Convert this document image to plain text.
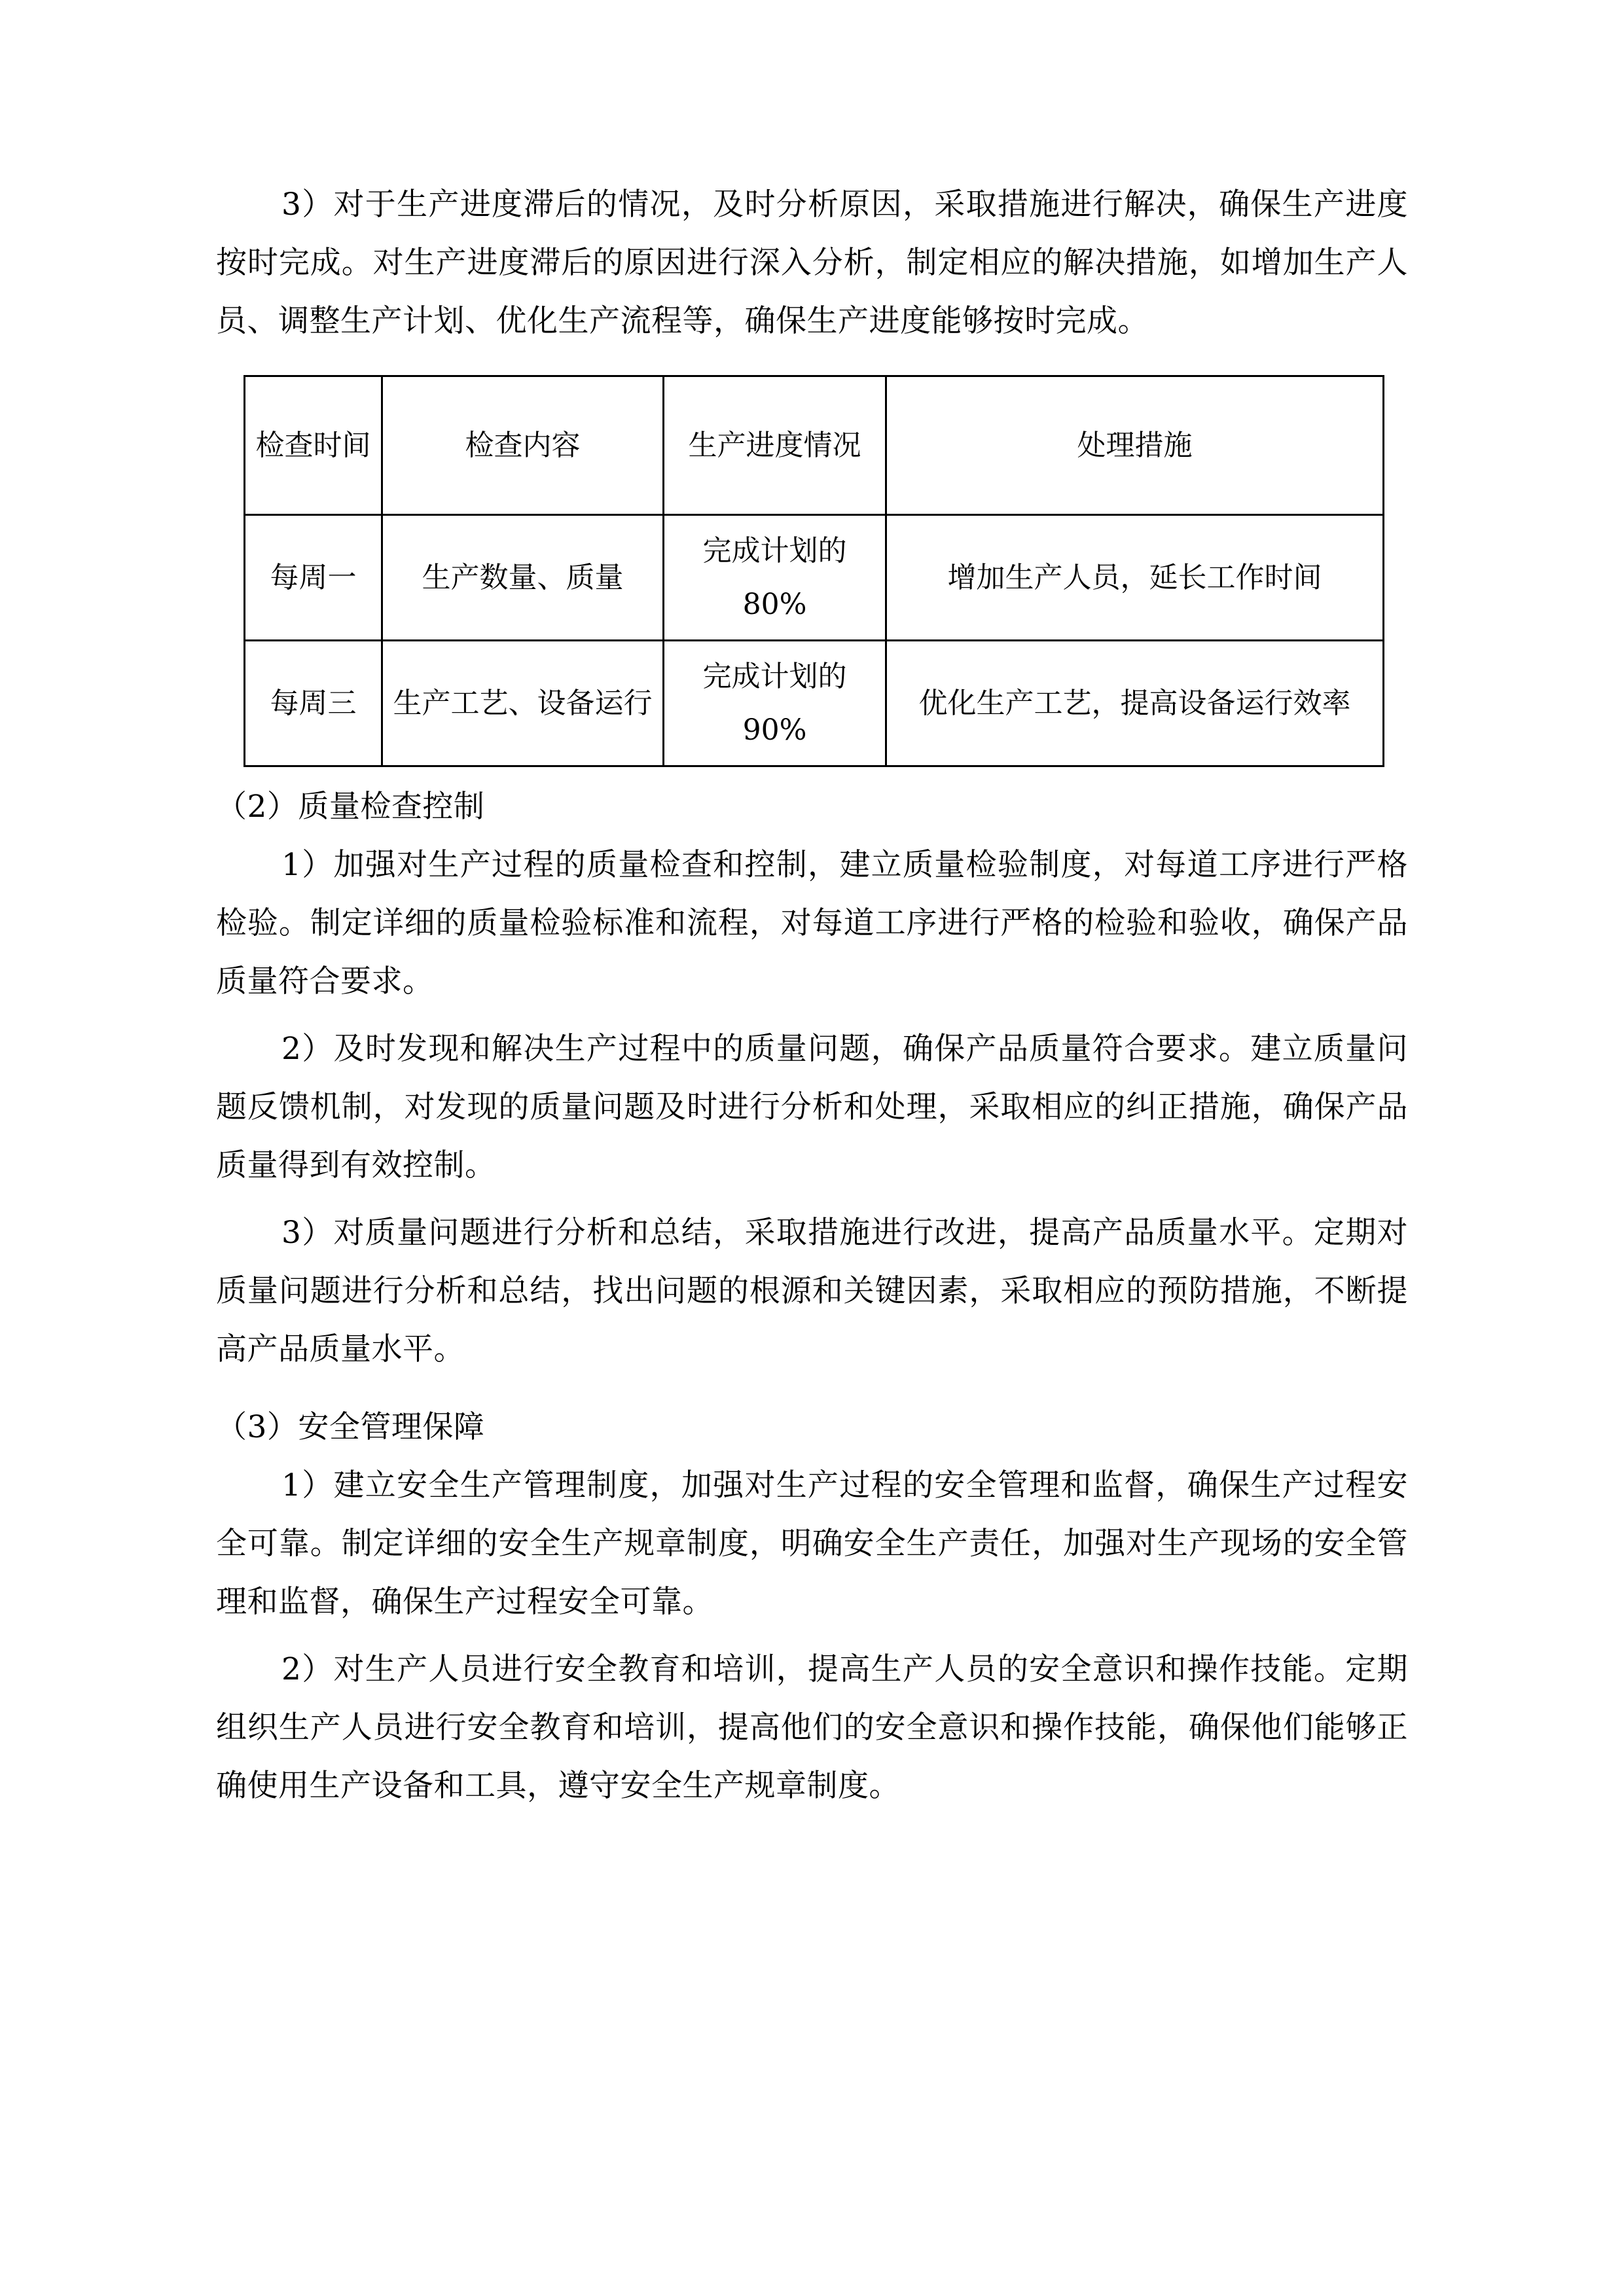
3）对于生产进度滞后的情况，及时分析原因，采取措施进行解决，确保生产进度按时完成。对生产进度滞后的原因进行深入分析，制定相应的解决措施，如增加生产人员、调整生产计划、优化生产流程等，确保生产进度能够按时完成。

检查时间	检查内容	生产进度情况	处理措施
每周一	生产数量、质量	完成计划的80%	增加生产人员，延长工作时间
每周三	生产工艺、设备运行	完成计划的90%	优化生产工艺，提高设备运行效率

（2）质量检查控制

1）加强对生产过程的质量检查和控制，建立质量检验制度，对每道工序进行严格检验。制定详细的质量检验标准和流程，对每道工序进行严格的检验和验收，确保产品质量符合要求。

2）及时发现和解决生产过程中的质量问题，确保产品质量符合要求。建立质量问题反馈机制，对发现的质量问题及时进行分析和处理，采取相应的纠正措施，确保产品质量得到有效控制。

3）对质量问题进行分析和总结，采取措施进行改进，提高产品质量水平。定期对质量问题进行分析和总结，找出问题的根源和关键因素，采取相应的预防措施，不断提高产品质量水平。

（3）安全管理保障

1）建立安全生产管理制度，加强对生产过程的安全管理和监督，确保生产过程安全可靠。制定详细的安全生产规章制度，明确安全生产责任，加强对生产现场的安全管理和监督，确保生产过程安全可靠。

2）对生产人员进行安全教育和培训，提高生产人员的安全意识和操作技能。定期组织生产人员进行安全教育和培训，提高他们的安全意识和操作技能，确保他们能够正确使用生产设备和工具，遵守安全生产规章制度。
